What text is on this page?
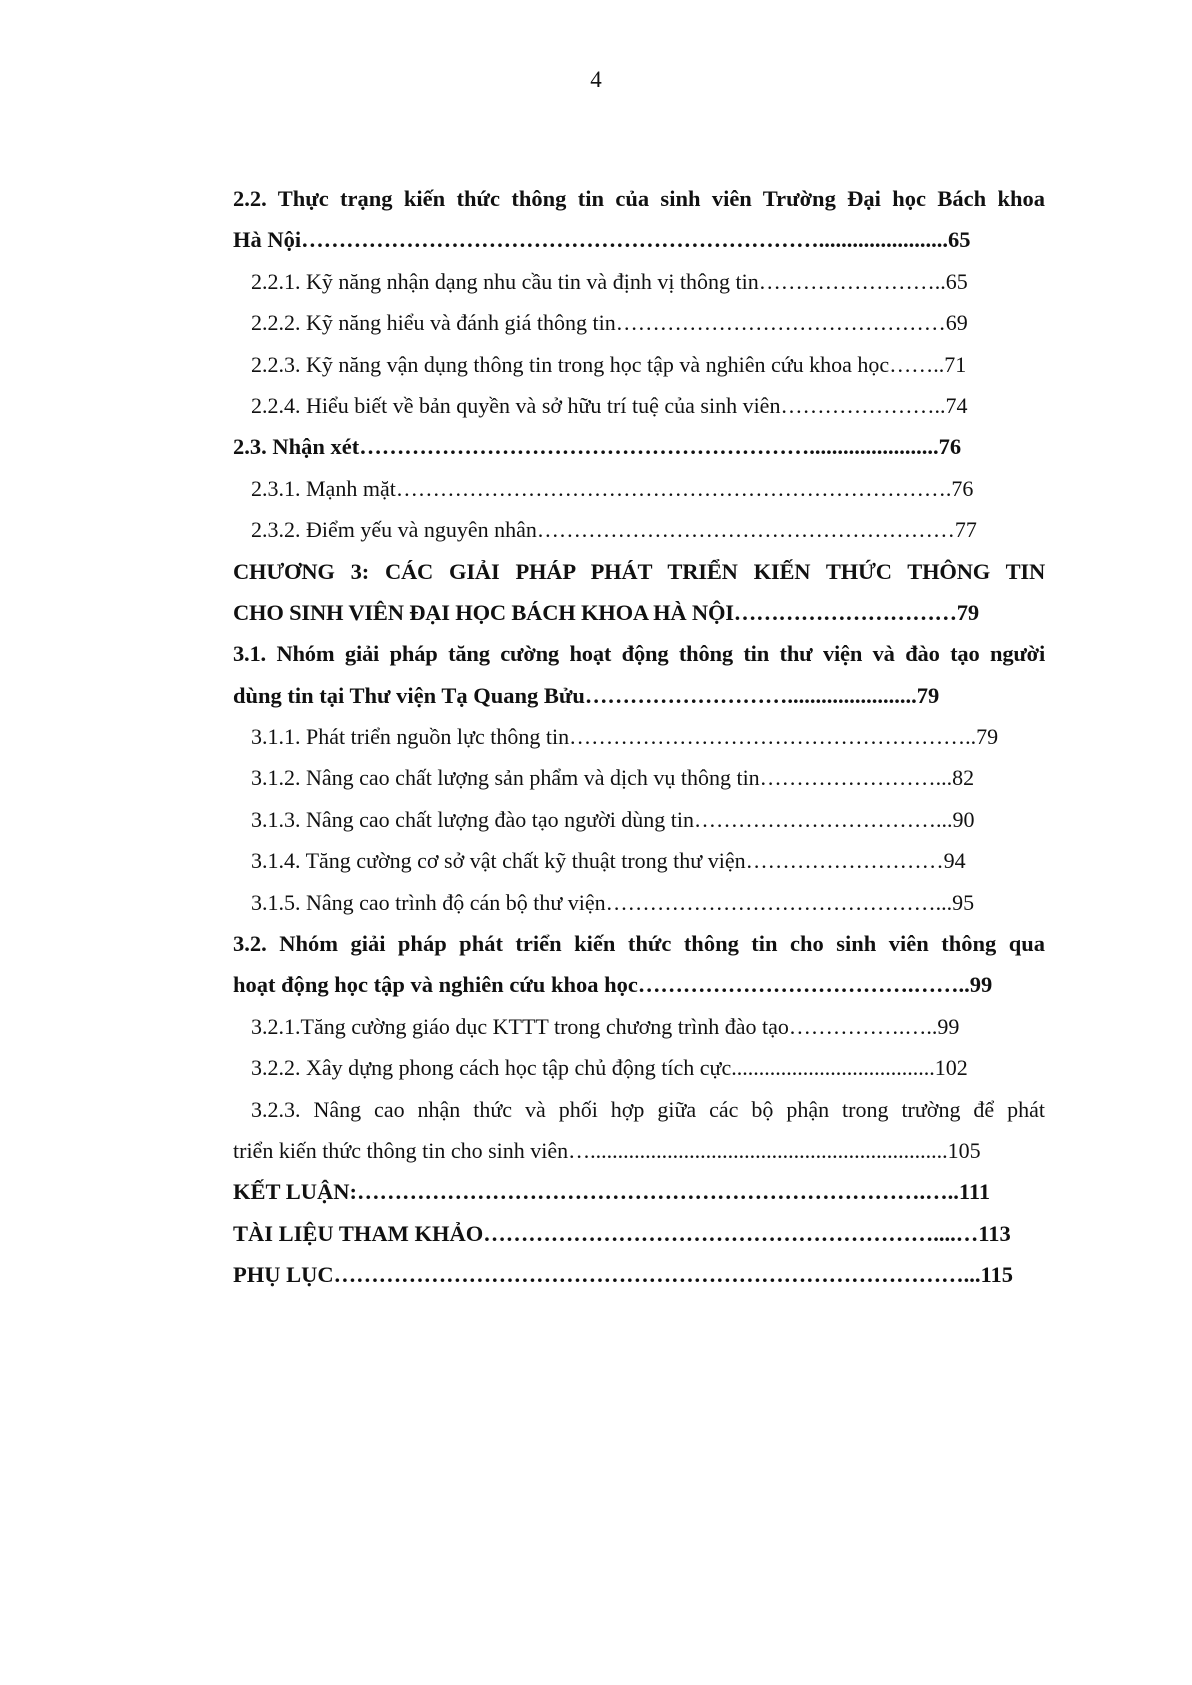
4
2.2. Thực trạng kiến thức thông tin của sinh viên Trường Đại học Bách khoa
Hà Nội…………………………………………………………….......................65
2.2.1. Kỹ năng nhận dạng nhu cầu tin và định vị thông tin……………………..65
2.2.2. Kỹ năng hiểu và đánh giá thông tin………………………………………69
2.2.3. Kỹ năng vận dụng thông tin trong học tập và nghiên cứu khoa học……..71
2.2.4. Hiểu biết về bản quyền và sở hữu trí tuệ của sinh viên…………………..74
2.3. Nhận xét…………………………………………………….......................76
2.3.1. Mạnh mặt………………………………………………………………….76
2.3.2. Điểm yếu và nguyên nhân…………………………………………………77
CHƯƠNG 3: CÁC GIẢI PHÁP PHÁT TRIỂN KIẾN THỨC THÔNG TIN
CHO SINH VIÊN ĐẠI HỌC BÁCH KHOA HÀ NỘI…………………………79
3.1. Nhóm giải pháp tăng cường hoạt động thông tin thư viện và đào tạo người
dùng tin tại Thư viện Tạ Quang Bửu……………………….......................79
3.1.1. Phát triển nguồn lực thông tin………………………………………………..79
3.1.2. Nâng cao chất lượng sản phẩm và dịch vụ thông tin……………………...82
3.1.3. Nâng cao chất lượng đào tạo người dùng tin……………………………...90
3.1.4. Tăng cường cơ sở vật chất kỹ thuật trong thư viện………………………94
3.1.5. Nâng cao trình độ cán bộ thư viện………………………………………...95
3.2. Nhóm giải pháp phát triển kiến thức thông tin cho sinh viên thông qua
hoạt động học tập và nghiên cứu khoa học……………………………….……..99
3.2.1.Tăng cường giáo dục KTTT trong chương trình đào tạo…………….…..99
3.2.2. Xây dựng phong cách học tập chủ động tích cực.....................................102
3.2.3. Nâng cao nhận thức và phối hợp giữa các bộ phận trong trường để phát
triển kiến thức thông tin cho sinh viên….................................................................105
KẾT LUẬN:………………………………………………………………….…..111
TÀI LIỆU THAM KHẢO……………………………………………………....…113
PHỤ LỤC…………………………………………………………………………...115
